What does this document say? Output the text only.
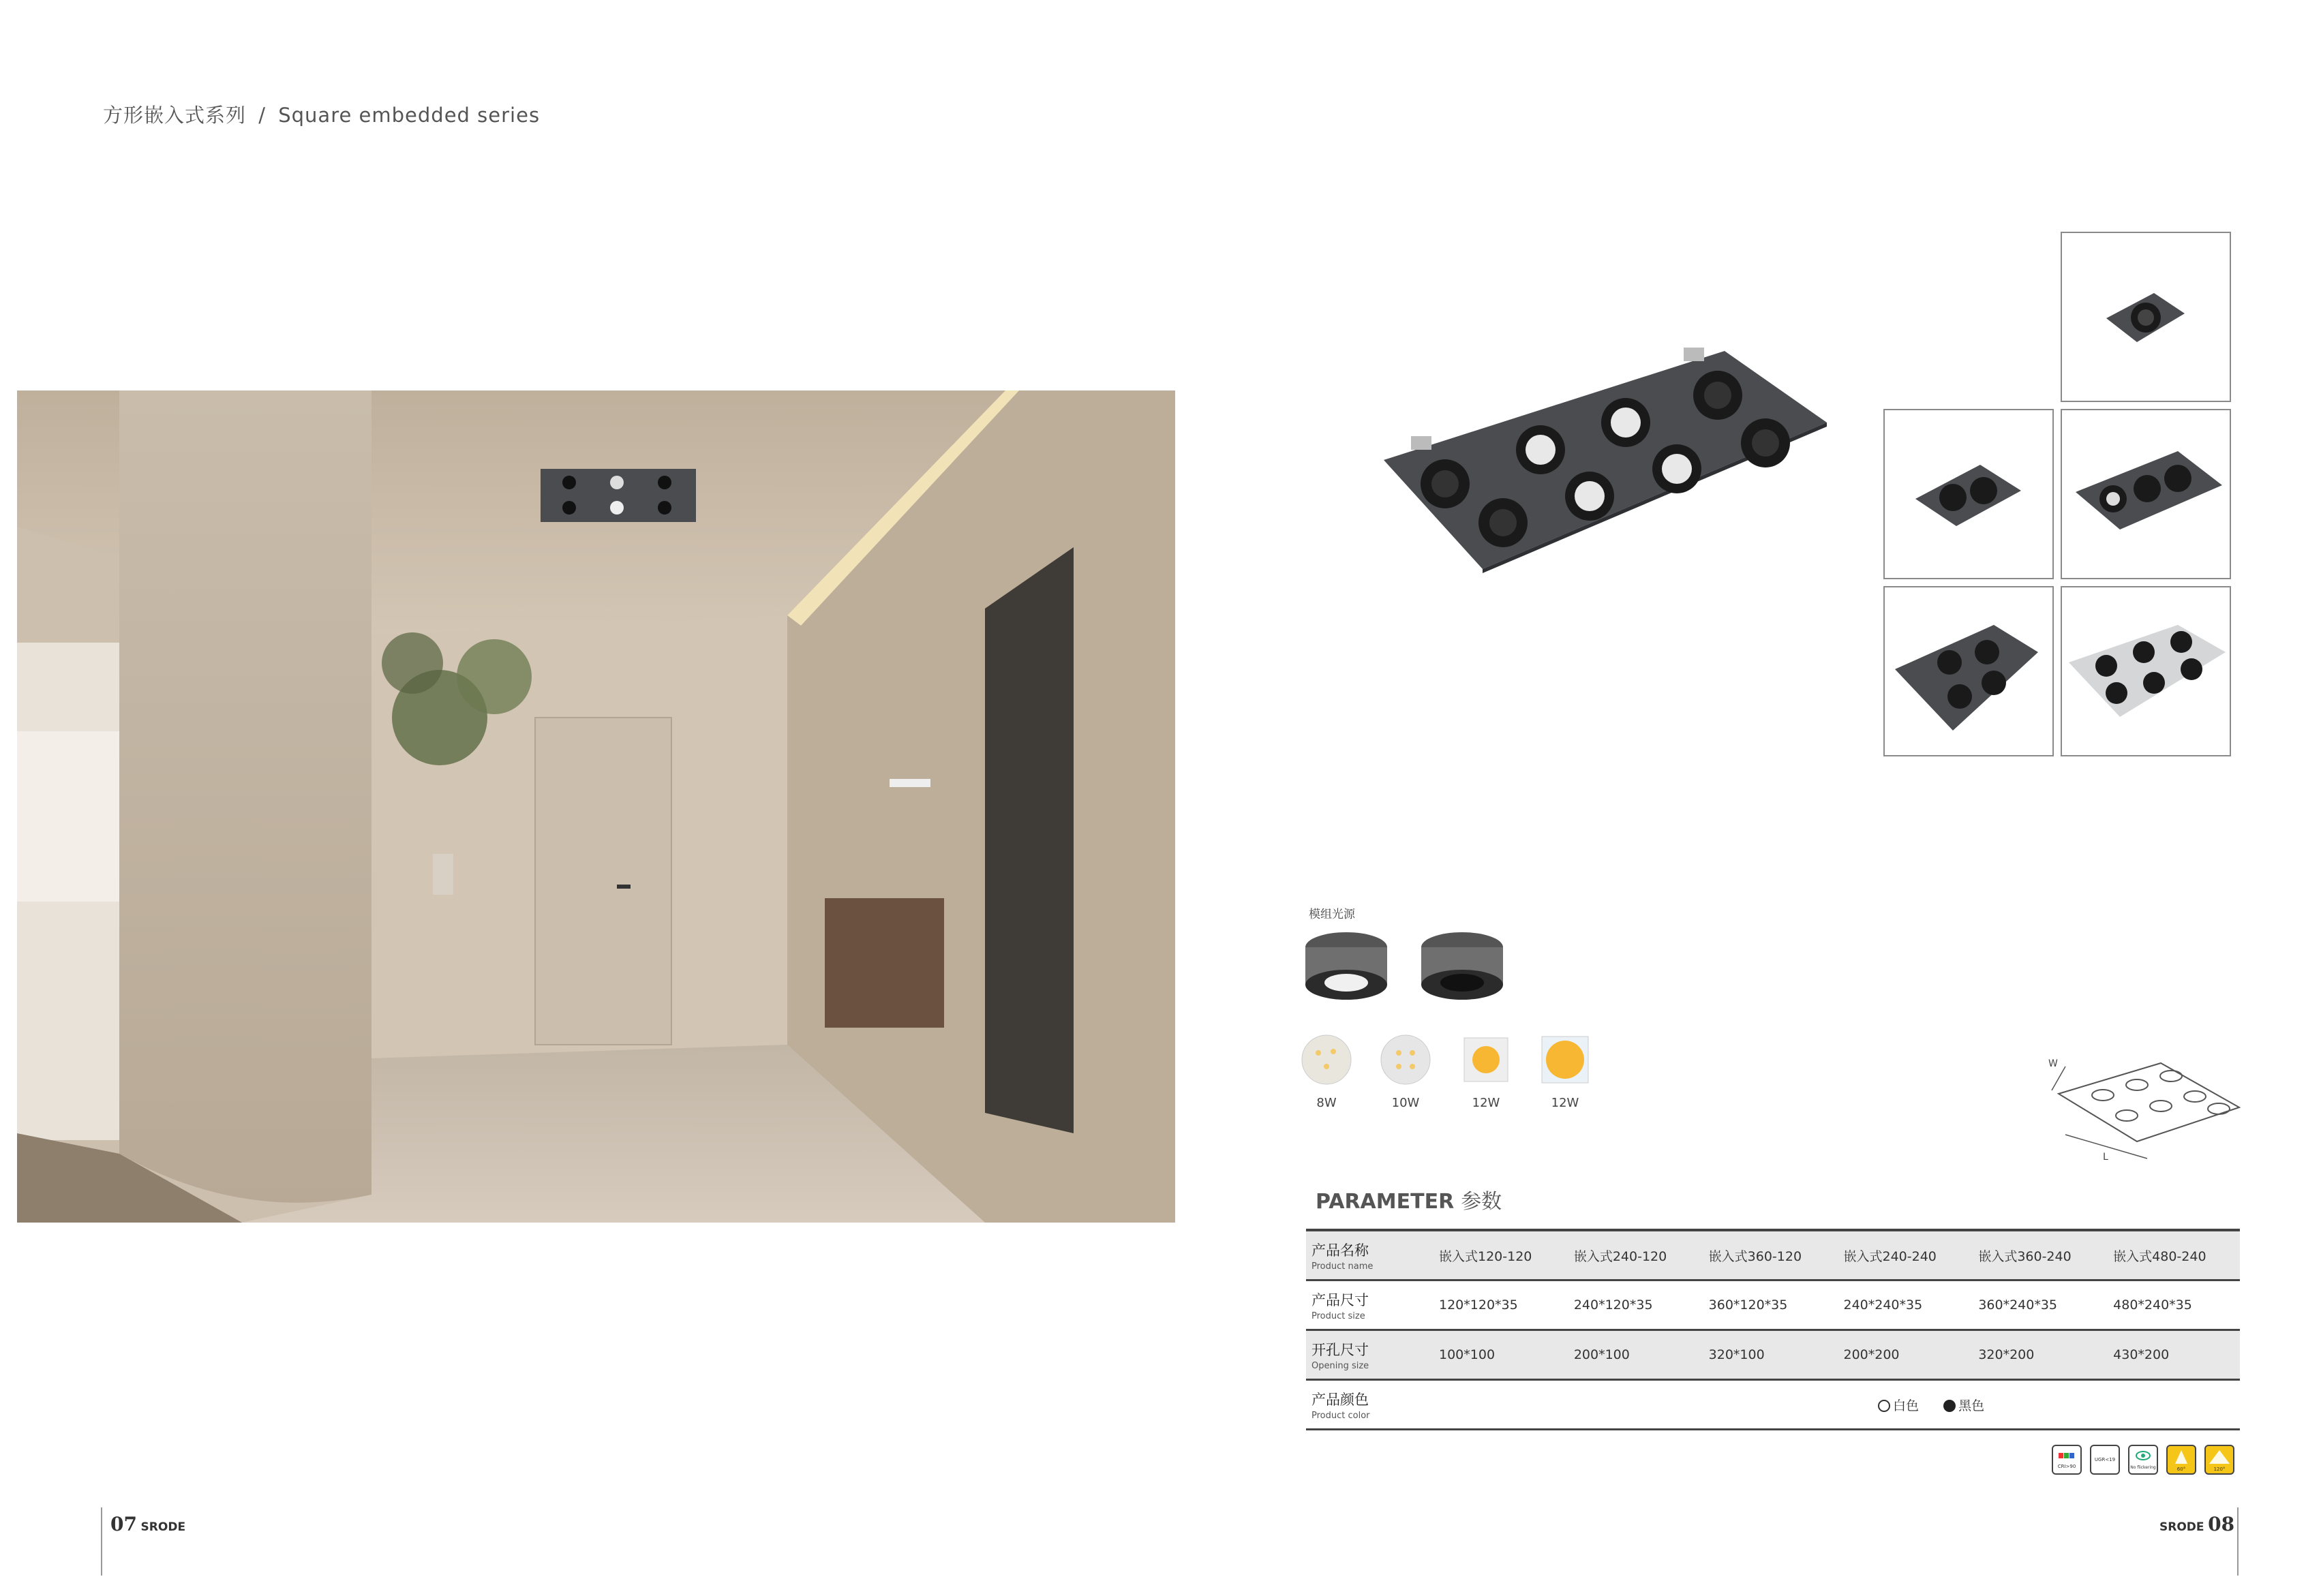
方形嵌入式系列 / Square embedded series
模组光源
8W	10W	12W	12W
W
L
PARAMETER 参数
产品名称
Product name	嵌入式120-120	嵌入式240-120	嵌入式360-120	嵌入式240-240	嵌入式360-240	嵌入式480-240

产品尺寸
Product size	120*120*35	240*120*35	360*120*35	240*240*35	360*240*35	480*240*35

开孔尺寸
Opening size	100*100	200*100	320*100	200*200	320*200	430*200

产品颜色
Product color	白色 黑色					
CRI>90
UGR<19
No flickering	60°	120°
07 SRODE	SRODE 08
